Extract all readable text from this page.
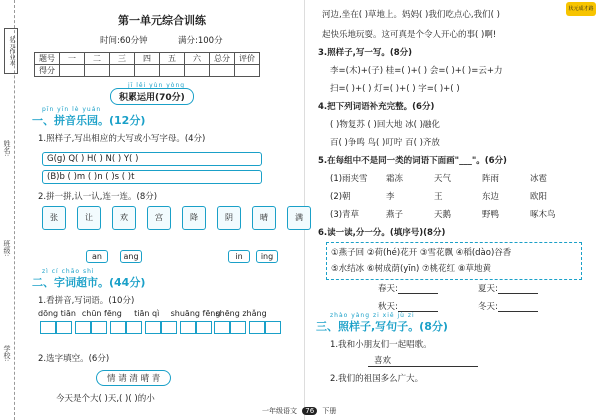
状元作业本
姓名:
班级:
学校:
第一单元综合训练
时间:60分钟	满分:100分
题号	一	二	三	四	五	六	总分	评价
得分								
jī lěi yùn yòng
积累运用(70分)
pīn yīn lè yuán
一、拼音乐园。(12分)
1.照样子,写出相应的大写或小写字母。(4分)
G(g) Q( ) H( ) N( ) Y( )
(B)b ( )m ( )n ( )s ( )t
2.拼一拼,认一认,连一连。(8分)
张	让	欢	宫	降	阴	晴	满
an	ang	in	ing
zì cí chāo shì
二、字词超市。(44分)
1.看拼音,写词语。(10分)
dōng tiān chūn fēng tiān qì shuāng fēng shēng zhǎng

2.选字填空。(6分)
情 请 清 晴 青
今天是个大( )天,( )( )的小
河边,坐在( )草地上。妈妈( )我们吃点心,我们( )
起快乐地玩耍。这可真是个令人开心的事( )啊!
3.照样子,写一写。(8分)
李=(木)+(子) 桂=( )+( ) 会=( )+( )=云+力
扫=( )+( ) 灯=( )+( ) 字=( )+( )
4.把下列词语补充完整。(6分)
( )物复苏 ( )回大地 冰( )融化
百( )争鸣 鸟( )叮咛 百( )齐放
5.在每组中不是同一类的词语下面画"___"。(6分)
(1)雨夹雪 霜冻	天气	阵雨	冰雹
(2)朝	李	王	东边	欧阳
(3)青草	燕子	天鹅	野鸭	啄木鸟
6.读一读,分一分。(填序号)(8分)
①燕子回 ②荷(hé)花开 ③雪花飘 ④稻(dào)谷香
⑤水结冰 ⑥树成荫(yīn) ⑦桃花红 ⑧草地黄
春天:	夏天:
秋天:	冬天:
zhào yàng zi xiě jù zi
三、照样子,写句子。(8分)
1.我和小朋友们一起唱歌。
喜欢
2.我们的祖国多么广大。
一年级语文 76 下册
状元成才路
